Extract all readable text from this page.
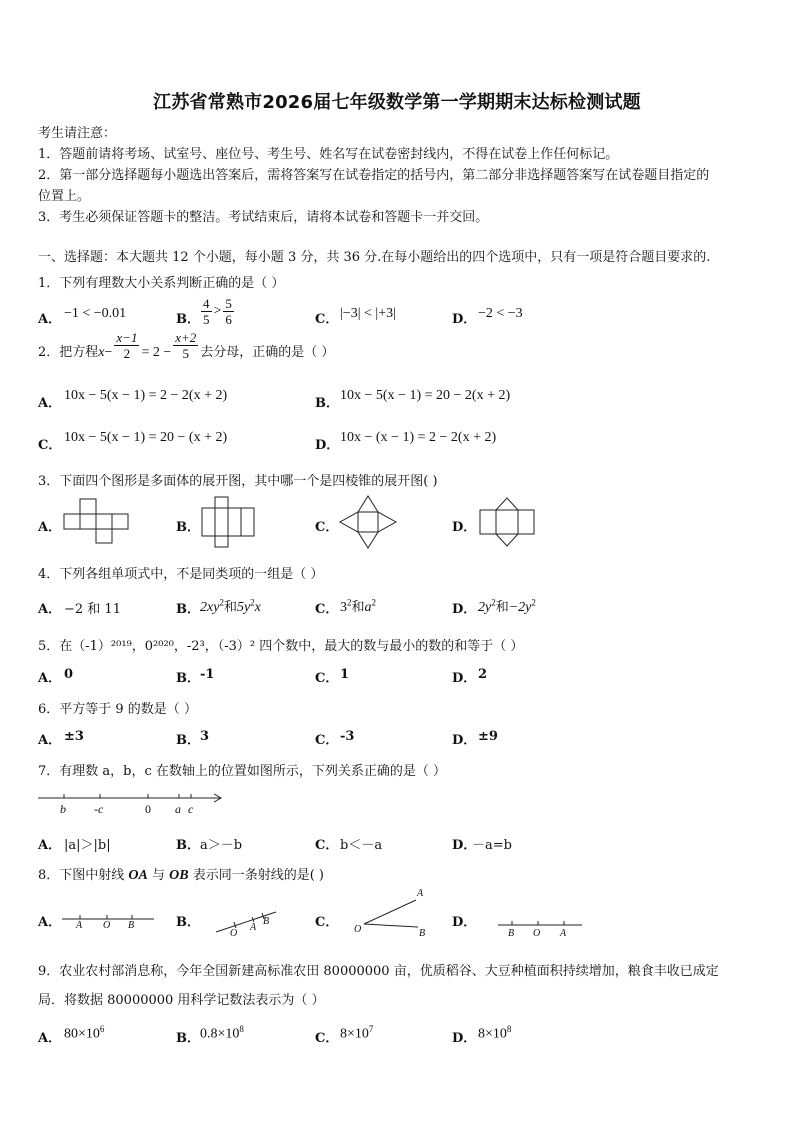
江苏省常熟市2026届七年级数学第一学期期末达标检测试题
考生请注意：
1．答题前请将考场、试室号、座位号、考生号、姓名写在试卷密封线内，不得在试卷上作任何标记。
2．第一部分选择题每小题选出答案后，需将答案写在试卷指定的括号内，第二部分非选择题答案写在试卷题目指定的
位置上。
3．考生必须保证答题卡的整洁。考试结束后，请将本试卷和答题卡一并交回。
一、选择题：本大题共 12 个小题，每小题 3 分，共 36 分.在每小题给出的四个选项中，只有一项是符合题目要求的.
1．下列有理数大小关系判断正确的是（ ）
A． −1 < −0.01	B． $\frac{4}{5} > \frac{5}{6}$	C． |−3| < |+3|	D． −2 < −3
2．把方程$x- \frac{x-1}{2} = 2 - \frac{x+2}{5}$ 去分母，正确的是（ ）
A．
10x − 5(x − 1) = 2 − 2(x + 2)
B．
10x − 5(x − 1) = 20 − 2(x + 2)
C．
10x − 5(x − 1) = 20 − (x + 2)
D．
10x − (x − 1) = 2 − 2(x + 2)
3．下面四个图形是多面体的展开图，其中哪一个是四棱锥的展开图( )
A．	B．	C．	D．
4．下列各组单项式中，不是同类项的一组是（ ）
A． −2 和 11	B． $2xy^2$和$5y^2x$	C． $3^2$和$a^2$	D． $2y^2$和$-2y^2$
5．在（-1）²⁰¹⁹，0²⁰²⁰，-2³，（-3）² 四个数中，最大的数与最小的数的和等于（ ）
A． 0	B． -1	C． 1	D． 2
6．平方等于 9 的数是（ ）
A． ±3	B． 3	C． -3	D． ±9
7．有理数 a，b，c 在数轴上的位置如图所示，下列关系正确的是（ ）
b -c	0 a c
A． |a|＞|b|	B． a＞－b	C． b＜－a	D．
－a=b
8．下图中射线 OA 与 OB 表示同一条射线的是( )
A． A O B	B．
O
A
B	C．
A
O	B
D．
B O A
9．农业农村部消息称，今年全国新建高标准农田 80000000 亩，优质稻谷、大豆种植面积持续增加，粮食丰收已成定
局．将数据 80000000 用科学记数法表示为（ ）
A． $80\times 10^6$
B． $0.8\times 10^8$
C． $8\times 10^7$
D． $8\times 10^8$
